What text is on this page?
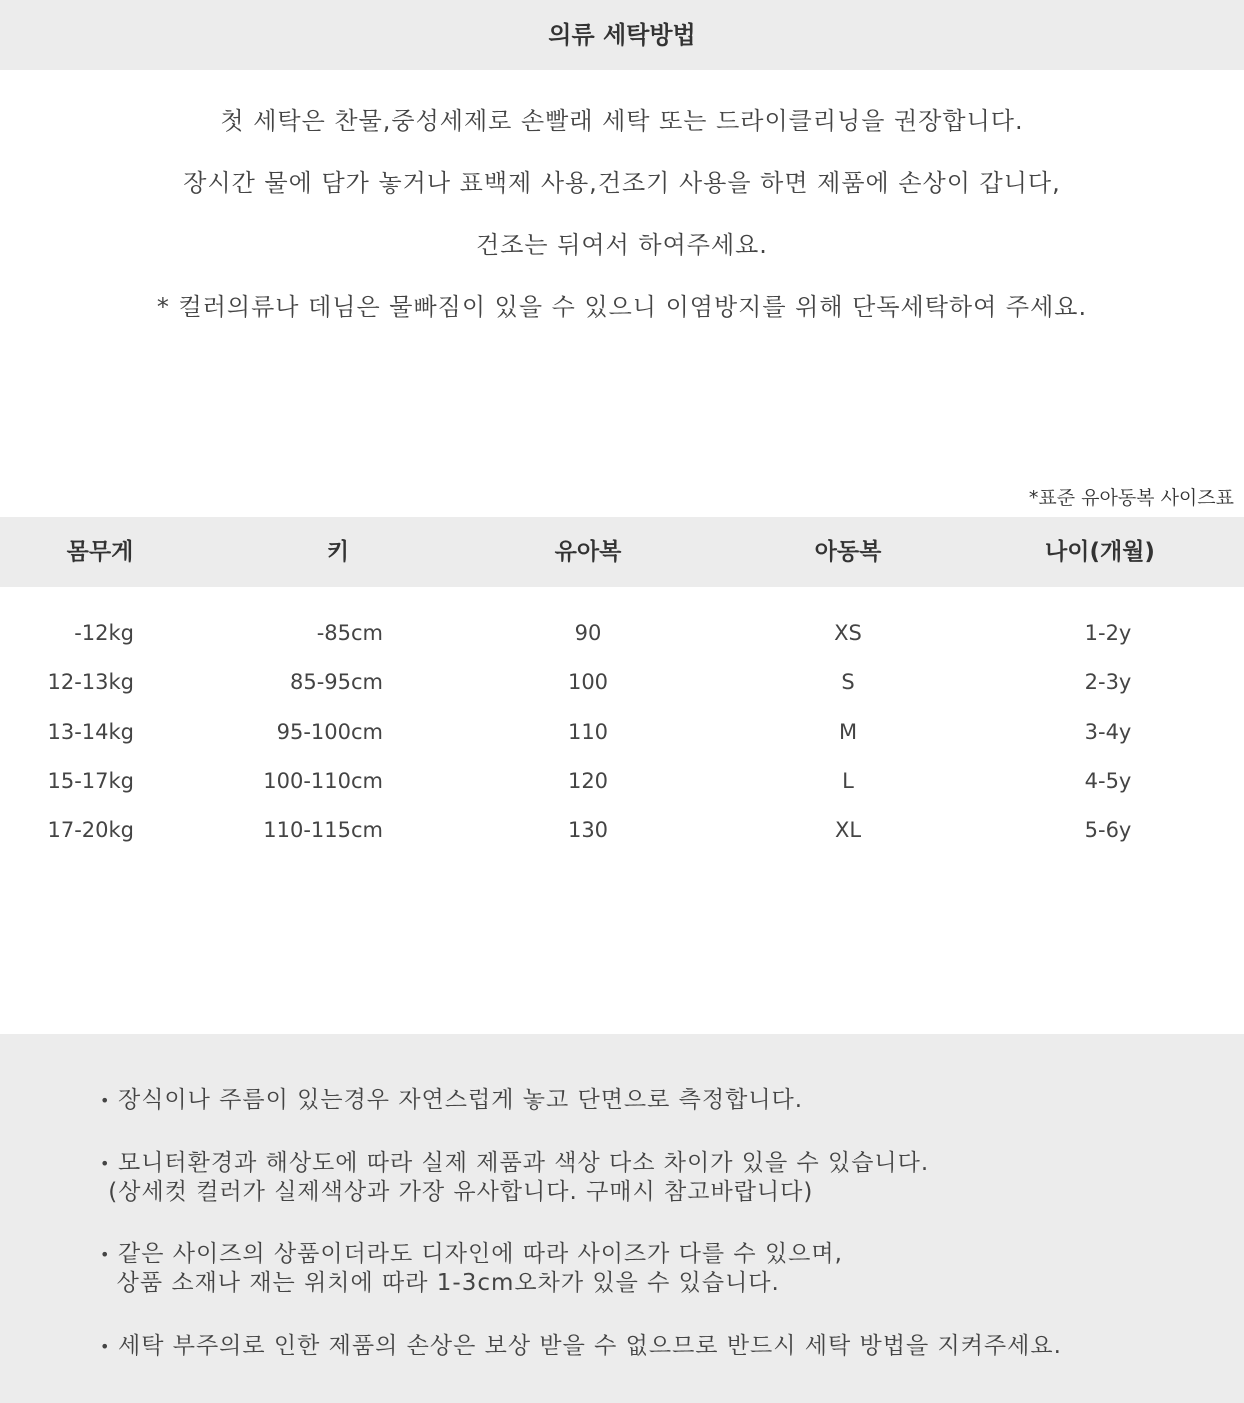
의류 세탁방법
첫 세탁은 찬물,중성세제로 손빨래 세탁 또는 드라이클리닝을 권장합니다.
장시간 물에 담가 놓거나 표백제 사용,건조기 사용을 하면 제품에 손상이 갑니다,
건조는 뒤여서 하여주세요.
* 컬러의류나 데님은 물빠짐이 있을 수 있으니 이염방지를 위해 단독세탁하여 주세요.
*표준 유아동복 사이즈표
몸무게	키	유아복	아동복	나이(개월)
-12kg	-85cm	90	XS	1-2y
12-13kg	85-95cm	100	S	2-3y
13-14kg	95-100cm	110	M	3-4y
15-17kg	100-110cm	120	L	4-5y
17-20kg	110-115cm	130	XL	5-6y
• 장식이나 주름이 있는경우 자연스럽게 놓고 단면으로 측정합니다.
• 모니터환경과 해상도에 따라 실제 제품과 색상 다소 차이가 있을 수 있습니다.
(상세컷 컬러가 실제색상과 가장 유사합니다. 구매시 참고바랍니다)
• 같은 사이즈의 상품이더라도 디자인에 따라 사이즈가 다를 수 있으며,
상품 소재나 재는 위치에 따라 1-3cm오차가 있을 수 있습니다.
• 세탁 부주의로 인한 제품의 손상은 보상 받을 수 없으므로 반드시 세탁 방법을 지켜주세요.
